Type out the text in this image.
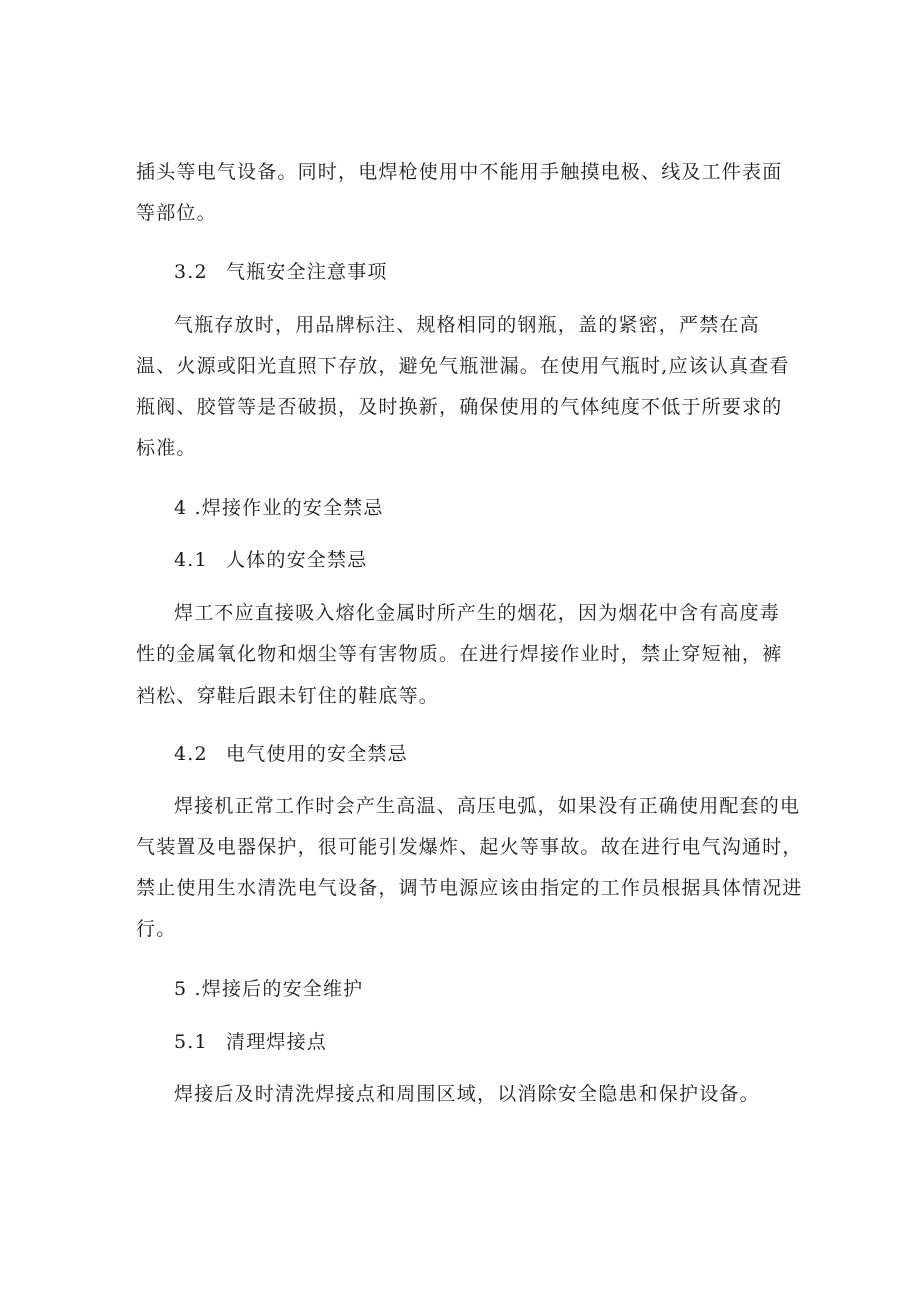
插头等电气设备。同时，电焊枪使用中不能用手触摸电极、线及工件表面
等部位。
3.2 气瓶安全注意事项
气瓶存放时，用品牌标注、规格相同的钢瓶，盖的紧密，严禁在高
温、火源或阳光直照下存放，避免气瓶泄漏。在使用气瓶时,应该认真查看
瓶阀、胶管等是否破损，及时换新，确保使用的气体纯度不低于所要求的
标准。
4 .焊接作业的安全禁忌
4.1 人体的安全禁忌
焊工不应直接吸入熔化金属时所产生的烟花，因为烟花中含有高度毒
性的金属氧化物和烟尘等有害物质。在进行焊接作业时，禁止穿短袖，裤
裆松、穿鞋后跟未钉住的鞋底等。
4.2 电气使用的安全禁忌
焊接机正常工作时会产生高温、高压电弧，如果没有正确使用配套的电
气装置及电器保护，很可能引发爆炸、起火等事故。故在进行电气沟通时，
禁止使用生水清洗电气设备，调节电源应该由指定的工作员根据具体情况进
行。
5 .焊接后的安全维护
5.1 清理焊接点
焊接后及时清洗焊接点和周围区域，以消除安全隐患和保护设备。
